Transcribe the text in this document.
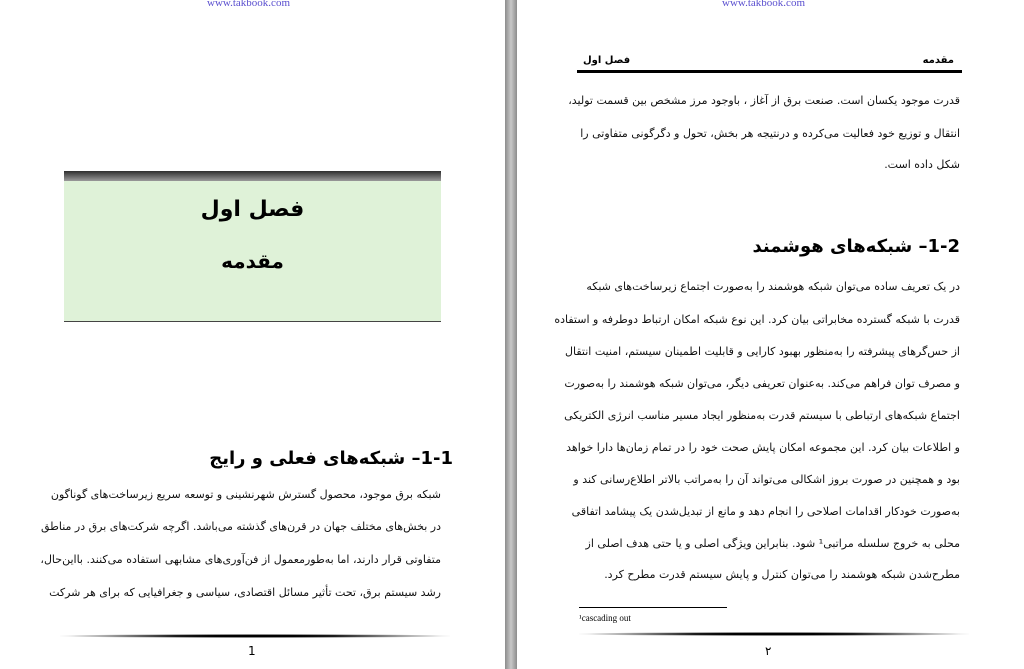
www.takbook.com
فصل اول
مقدمه
1-1– شبکه‌های فعلی و رایج
شبکه برق موجود، محصول گسترش شهرنشینی و توسعه سریع زیرساخت‌های گوناگون
در بخش‌های مختلف جهان در قرن‌های گذشته می‌باشد. اگرچه شرکت‌های برق در مناطق
متفاوتی قرار دارند، اما به‌طورمعمول از فن‌آوری‌های مشابهی استفاده می‌کنند. بااین‌حال،
رشد سیستم برق، تحت تأثیر مسائل اقتصادی، سیاسی و جغرافیایی که برای هر شرکت
1
www.takbook.com
فصل اول	مقدمه
قدرت موجود یکسان است. صنعت برق از آغاز ، باوجود مرز مشخص بین قسمت تولید،
انتقال و توزیع خود فعالیت می‌کرده و درنتیجه هر بخش، تحول و دگرگونی متفاوتی را
شکل داده است.
1-2– شبکه‌های هوشمند
در یک تعریف ساده می‌توان شبکه هوشمند را به‌صورت اجتماع زیرساخت‌های شبکه
قدرت با شبکه گسترده مخابراتی بیان کرد. این نوع شبکه امکان ارتباط دوطرفه و استفاده
از حس‌گرهای پیشرفته را به‌منظور بهبود کارایی و قابلیت اطمینان سیستم، امنیت انتقال
و مصرف توان فراهم می‌کند. به‌عنوان تعریفی دیگر، می‌توان شبکه هوشمند را به‌صورت
اجتماع شبکه‌های ارتباطی با سیستم قدرت به‌منظور ایجاد مسیر مناسب انرژی الکتریکی
و اطلاعات بیان کرد. این مجموعه امکان پایش صحت خود را در تمام زمان‌ها دارا خواهد
بود و همچنین در صورت بروز اشکالی می‌تواند آن را به‌مراتب بالاتر اطلاع‌رسانی کند و
به‌صورت خودکار اقدامات اصلاحی را انجام دهد و مانع از تبدیل‌شدن یک پیشامد اتفاقی
محلی به خروج سلسله مراتبی¹ شود. بنابراین ویژگی اصلی و یا حتی هدف اصلی از
مطرح‌شدن شبکه هوشمند را می‌توان کنترل و پایش سیستم قدرت مطرح کرد.
¹cascading out
۲
